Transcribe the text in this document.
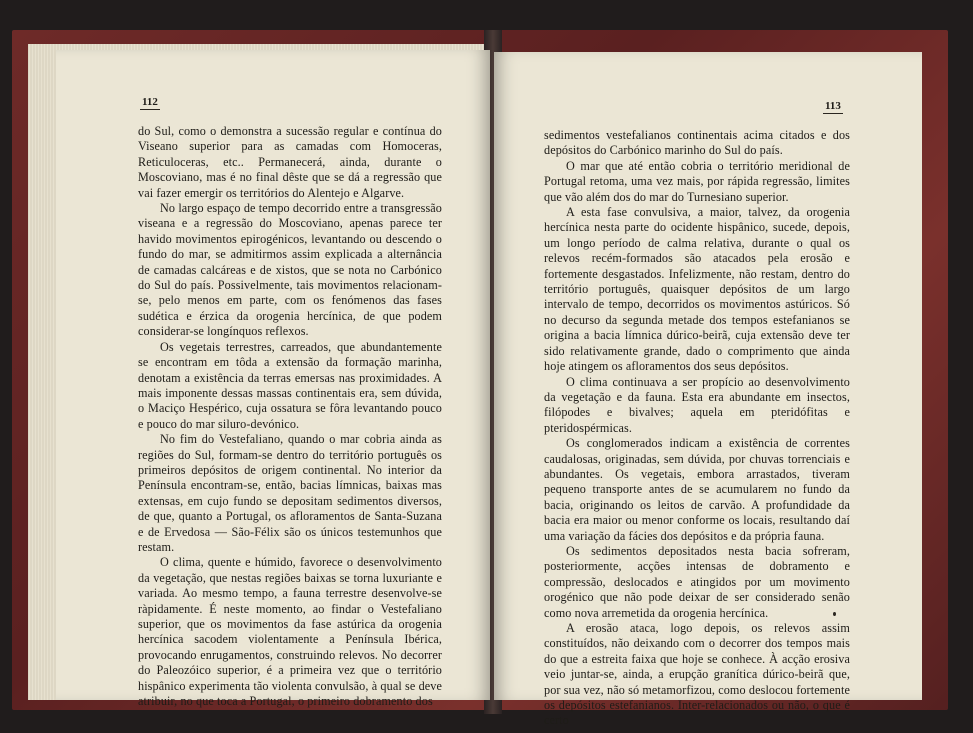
112

do Sul, como o demonstra a sucessão regular e contínua do Viseano superior para as camadas com Homoceras, Reticuloceras, etc.. Permanecerá, ainda, durante o Moscoviano, mas é no final dêste que se dá a regressão que vai fazer emergir os territórios do Alentejo e Algarve.

No largo espaço de tempo decorrido entre a transgressão viseana e a regressão do Moscoviano, apenas parece ter havido movimentos epirogénicos, levantando ou descendo o fundo do mar, se admitirmos assim explicada a alternância de camadas calcáreas e de xistos, que se nota no Carbónico do Sul do país. Possivelmente, tais movimentos relacionam-se, pelo menos em parte, com os fenómenos das fases sudética e érzica da orogenia hercínica, de que podem considerar-se longínquos reflexos.

Os vegetais terrestres, carreados, que abundantemente se encontram em tôda a extensão da formação marinha, denotam a existência da terras emersas nas proximidades. A mais imponente dessas massas continentais era, sem dúvida, o Maciço Hespérico, cuja ossatura se fôra levantando pouco e pouco do mar siluro-devónico.

No fim do Vestefaliano, quando o mar cobria ainda as regiões do Sul, formam-se dentro do território português os primeiros depósitos de origem continental. No interior da Península encontram-se, então, bacias límnicas, baixas mas extensas, em cujo fundo se depositam sedimentos diversos, de que, quanto a Portugal, os afloramentos de Santa-Suzana e de Ervedosa — São-Félix são os únicos testemunhos que restam.

O clima, quente e húmido, favorece o desenvolvimento da vegetação, que nestas regiões baixas se torna luxuriante e variada. Ao mesmo tempo, a fauna terrestre desenvolve-se ràpidamente. É neste momento, ao findar o Vestefaliano superior, que os movimentos da fase astúrica da orogenia hercínica sacodem violentamente a Península Ibérica, provocando enrugamentos, construindo relevos. No decorrer do Paleozóico superior, é a primeira vez que o território hispânico experimenta tão violenta convulsão, à qual se deve atribuir, no que toca a Portugal, o primeiro dobramento dos

113

sedimentos vestefalianos continentais acima citados e dos depósitos do Carbónico marinho do Sul do país.

O mar que até então cobria o território meridional de Portugal retoma, uma vez mais, por rápida regressão, limites que vão além dos do mar do Turnesiano superior.

A esta fase convulsiva, a maior, talvez, da orogenia hercínica nesta parte do ocidente hispânico, sucede, depois, um longo período de calma relativa, durante o qual os relevos recém-formados são atacados pela erosão e fortemente desgastados. Infelizmente, não restam, dentro do território português, quaisquer depósitos de um largo intervalo de tempo, decorridos os movimentos astúricos. Só no decurso da segunda metade dos tempos estefanianos se origina a bacia límnica dúrico-beirã, cuja extensão deve ter sido relativamente grande, dado o comprimento que ainda hoje atingem os afloramentos dos seus depósitos.

O clima continuava a ser propício ao desenvolvimento da vegetação e da fauna. Esta era abundante em insectos, filópodes e bivalves; aquela em pteridófitas e pteridospérmicas.

Os conglomerados indicam a existência de correntes caudalosas, originadas, sem dúvida, por chuvas torrenciais e abundantes. Os vegetais, embora arrastados, tiveram pequeno transporte antes de se acumularem no fundo da bacia, originando os leitos de carvão. A profundidade da bacia era maior ou menor conforme os locais, resultando daí uma variação da fácies dos depósitos e da própria fauna.

Os sedimentos depositados nesta bacia sofreram, posteriormente, acções intensas de dobramento e compressão, deslocados e atingidos por um movimento orogénico que não pode deixar de ser considerado senão como nova arremetida da orogenia hercínica.

A erosão ataca, logo depois, os relevos assim constituídos, não deixando com o decorrer dos tempos mais do que a estreita faixa que hoje se conhece. À acção erosiva veio juntar-se, ainda, a erupção granítica dúrico-beirã que, por sua vez, não só metamorfizou, como deslocou fortemente os depósitos estefanianos. Inter-relacionados ou não, o que é certo
